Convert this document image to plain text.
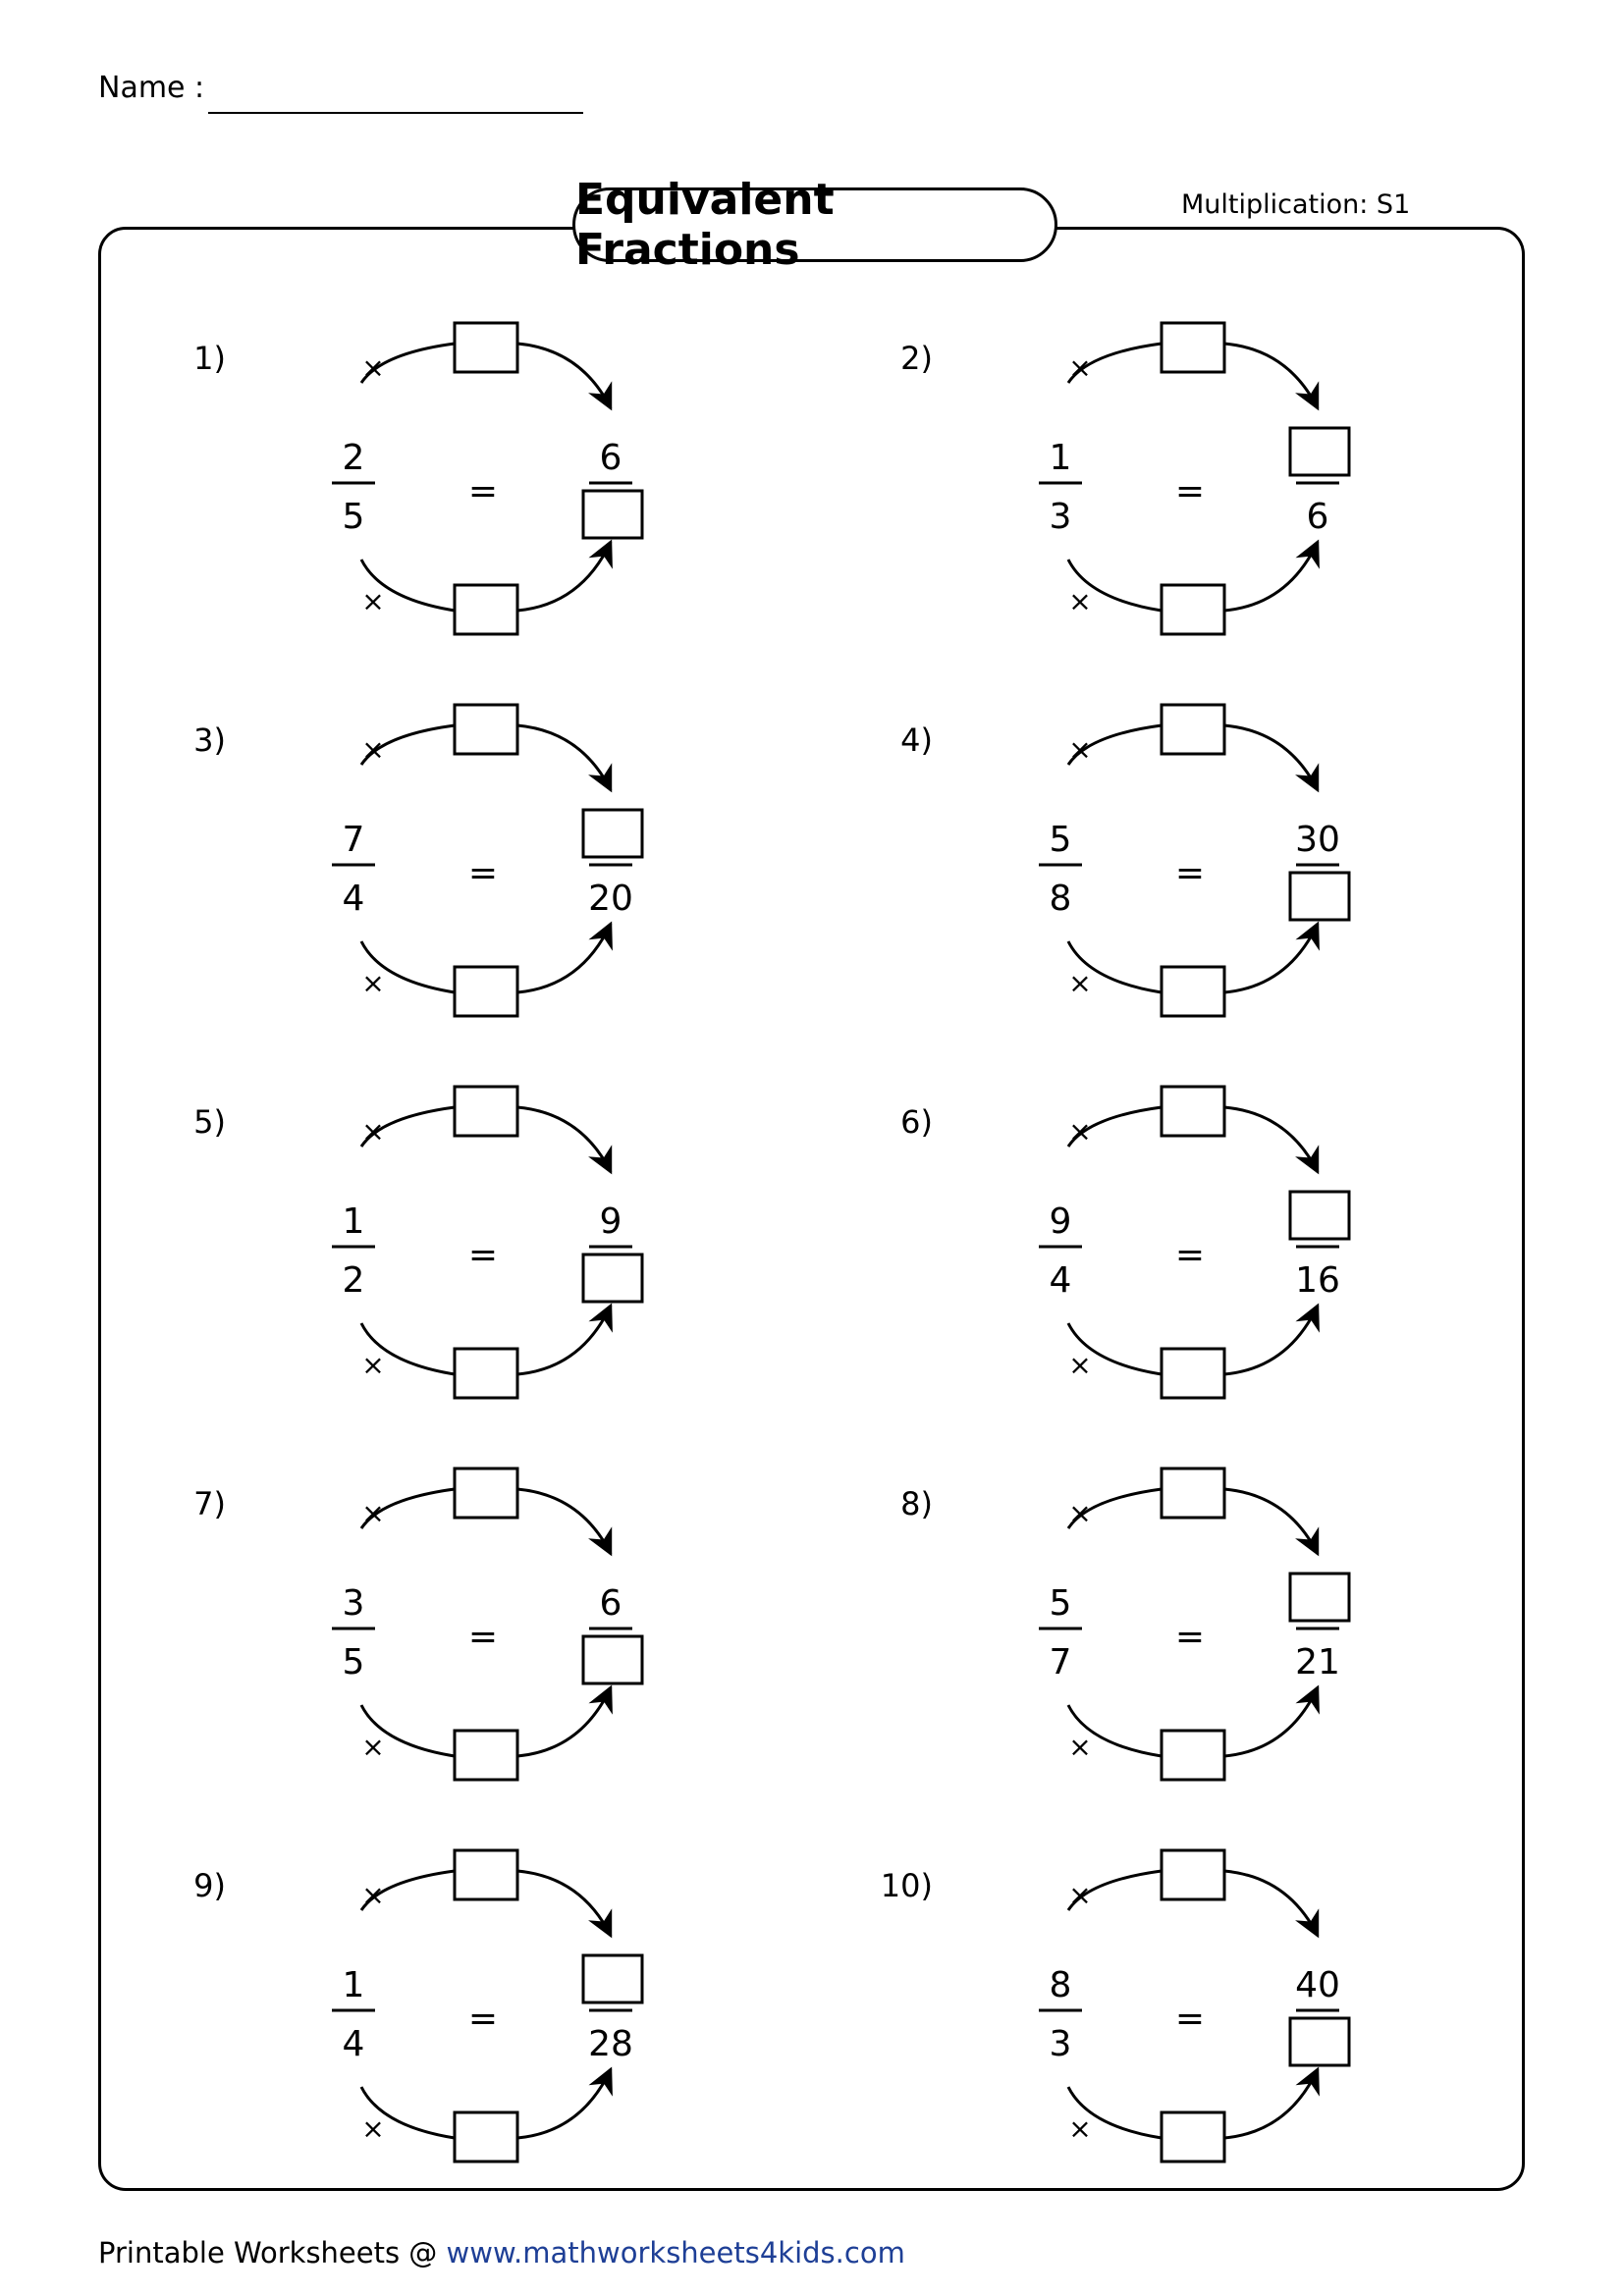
Name :
Equivalent Fractions
Multiplication: S1
1)	×
×
2
5
=
6
2)	×
×
1
3
=
6
3)	×
×
7
4
=
20
4)	×
×
5
8
=
30
5)	×
×
1
2
=
9
6)	×
×
9
4
=
16
7)	×
×
3
5
=
6
8)	×
×
5
7
=
21
9)	×
×
1
4
=
28
10)	×
×
8
3
=
40
Printable Worksheets @ www.mathworksheets4kids.com
